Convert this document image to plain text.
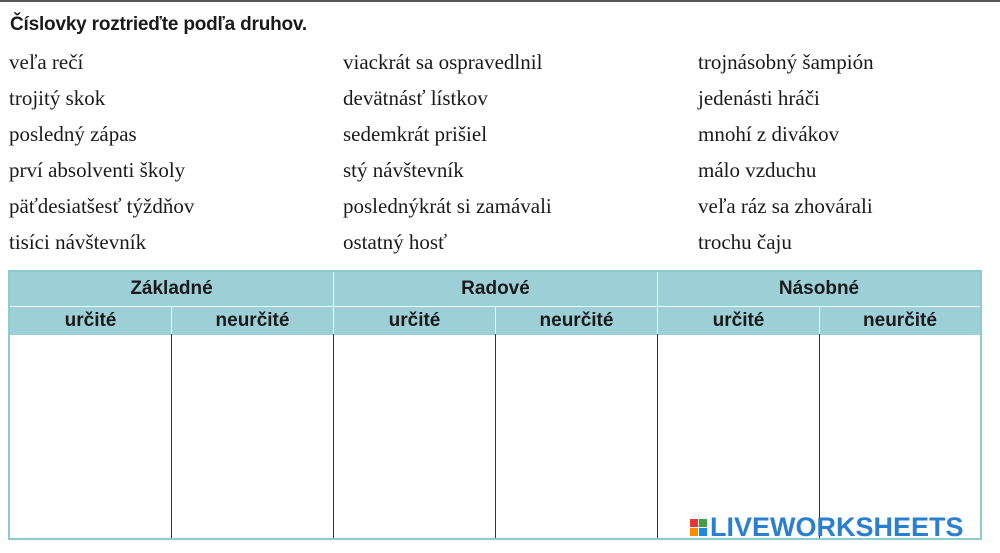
Číslovky roztrieďte podľa druhov.
veľa rečí
trojitý skok
posledný zápas
prví absolventi školy
päťdesiatšesť týždňov
tisíci návštevník
viackrát sa ospravedlnil
devätnásť lístkov
sedemkrát prišiel
stý návštevník
poslednýkrát si zamávali
ostatný hosť
trojnásobný šampión
jedenásti hráči
mnohí z divákov
málo vzduchu
veľa ráz sa zhovárali
trochu čaju
Základné	Radové	Násobné
určité	neurčité	určité	neurčité	určité	neurčité
LIVEWORKSHEETS
